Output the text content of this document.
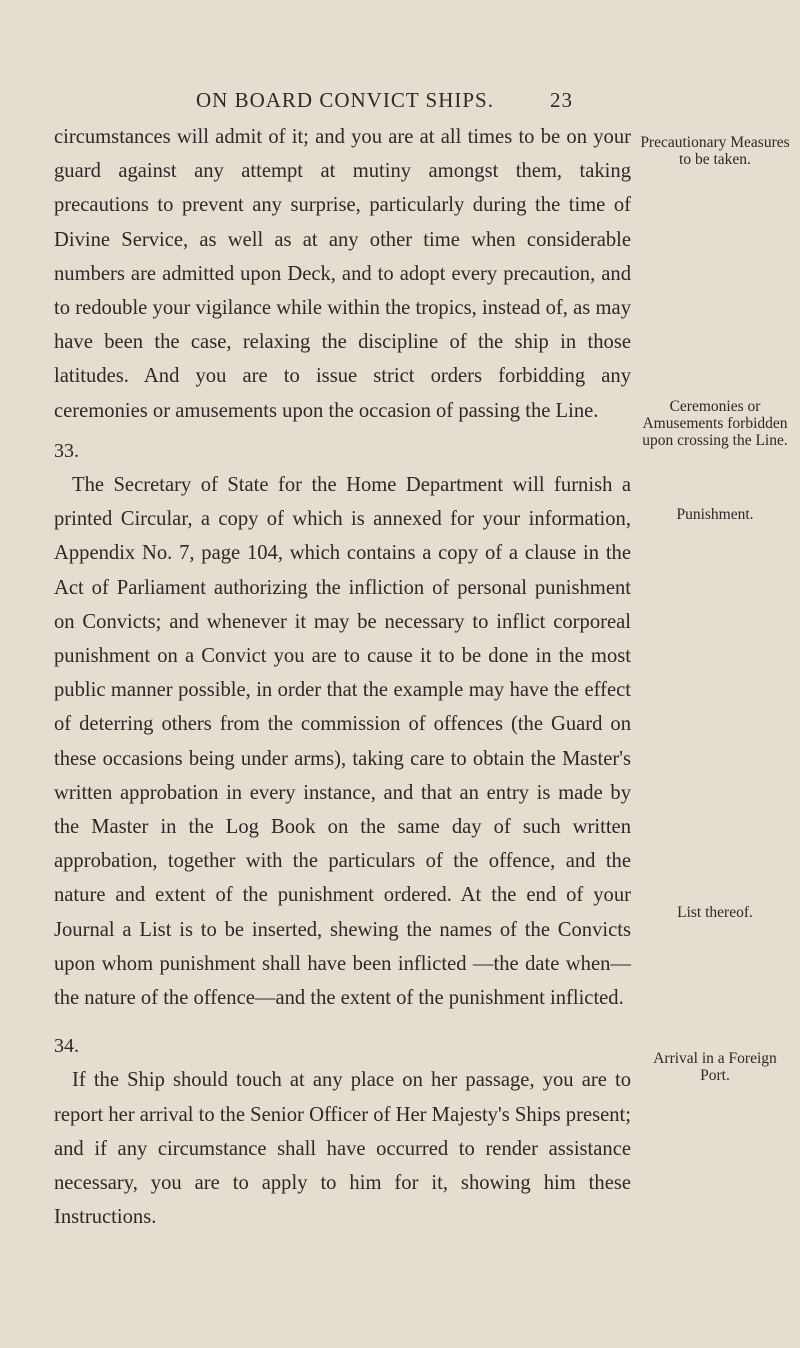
ON BOARD CONVICT SHIPS.	23

circumstances will admit of it; and you are at all times to be on your guard against any attempt at mutiny amongst them, taking precautions to prevent any surprise, particularly during the time of Divine Service, as well as at any other time when considerable numbers are admitted upon Deck, and to adopt every precaution, and to redouble your vigilance while within the tropics, instead of, as may have been the case, relaxing the discipline of the ship in those latitudes. And you are to issue strict orders forbidding any ceremonies or amusements upon the occasion of passing the Line.

33.

The Secretary of State for the Home Department will furnish a printed Circular, a copy of which is annexed for your information, Appendix No. 7, page 104, which contains a copy of a clause in the Act of Parliament authorizing the infliction of personal punishment on Convicts; and whenever it may be necessary to inflict corporeal punishment on a Convict you are to cause it to be done in the most public manner possible, in order that the example may have the effect of deterring others from the commission of offences (the Guard on these occasions being under arms), taking care to obtain the Master's written approbation in every instance, and that an entry is made by the Master in the Log Book on the same day of such written approbation, together with the particulars of the offence, and the nature and extent of the punishment ordered. At the end of your Journal a List is to be inserted, shewing the names of the Convicts upon whom punishment shall have been inflicted —the date when—the nature of the offence—and the extent of the punishment inflicted.

34.

If the Ship should touch at any place on her passage, you are to report her arrival to the Senior Officer of Her Majesty's Ships present; and if any circumstance shall have occurred to render assistance necessary, you are to apply to him for it, showing him these Instructions.

Precautionary Measures to be taken.
Ceremonies or Amusements forbidden upon crossing the Line.
Punishment.
List thereof.
Arrival in a Foreign Port.
